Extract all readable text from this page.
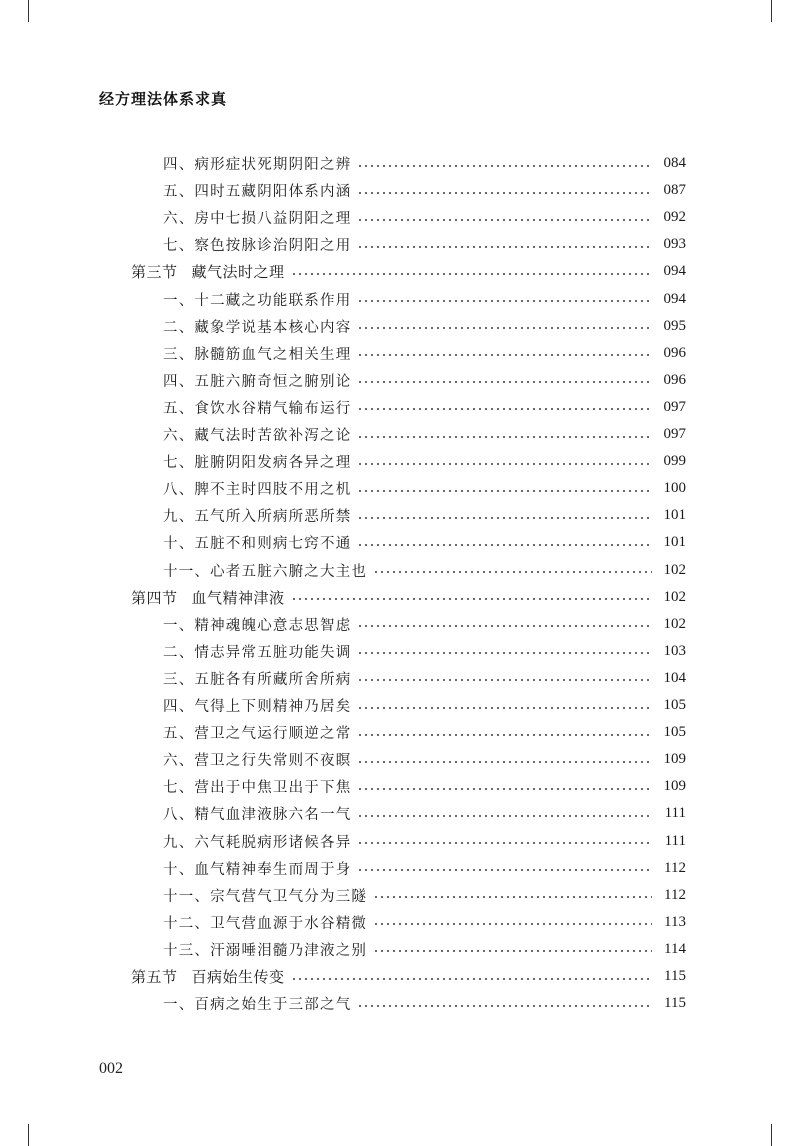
经方理法体系求真
四、病形症状死期阴阳之辨	084
五、四时五藏阴阳体系内涵	087
六、房中七损八益阴阳之理	092
七、察色按脉诊治阴阳之用	093
第三节 藏气法时之理	094
一、十二藏之功能联系作用	094
二、藏象学说基本核心内容	095
三、脉髓筋血气之相关生理	096
四、五脏六腑奇恒之腑别论	096
五、食饮水谷精气输布运行	097
六、藏气法时苦欲补泻之论	097
七、脏腑阴阳发病各异之理	099
八、脾不主时四肢不用之机	100
九、五气所入所病所恶所禁	101
十、五脏不和则病七窍不通	101
十一、心者五脏六腑之大主也	102
第四节 血气精神津液	102
一、精神魂魄心意志思智虑	102
二、情志异常五脏功能失调	103
三、五脏各有所藏所舍所病	104
四、气得上下则精神乃居矣	105
五、营卫之气运行顺逆之常	105
六、营卫之行失常则不夜瞑	109
七、营出于中焦卫出于下焦	109
八、精气血津液脉六名一气	111
九、六气耗脱病形诸候各异	111
十、血气精神奉生而周于身	112
十一、宗气营气卫气分为三隧	112
十二、卫气营血源于水谷精微	113
十三、汗溺唾泪髓乃津液之别	114
第五节 百病始生传变	115
一、百病之始生于三部之气	115
002
